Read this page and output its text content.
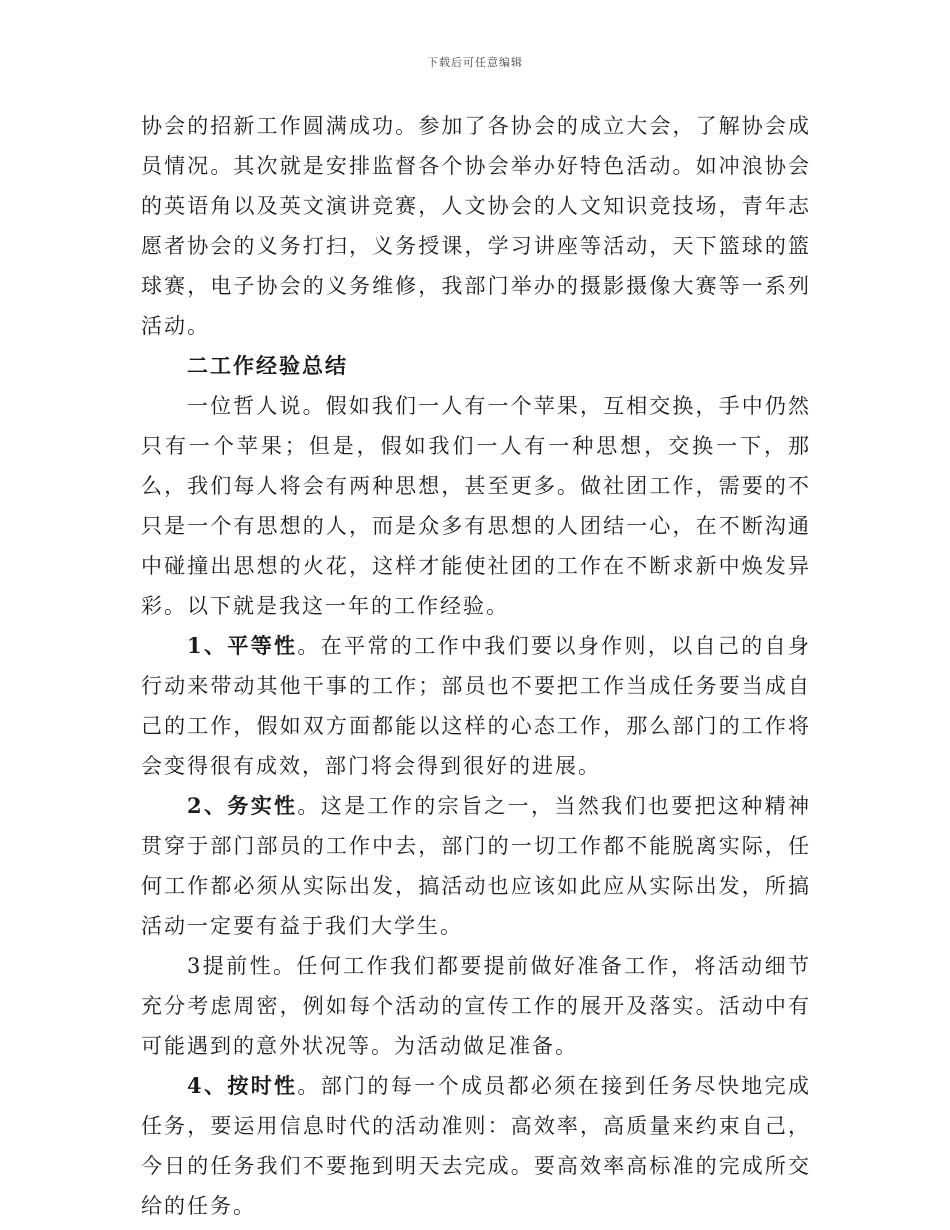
下载后可任意编辑

协会的招新工作圆满成功。参加了各协会的成立大会，了解协会成员情况。其次就是安排监督各个协会举办好特色活动。如冲浪协会的英语角以及英文演讲竞赛，人文协会的人文知识竞技场，青年志愿者协会的义务打扫，义务授课，学习讲座等活动，天下篮球的篮球赛，电子协会的义务维修，我部门举办的摄影摄像大赛等一系列活动。

二工作经验总结

一位哲人说。假如我们一人有一个苹果，互相交换，手中仍然只有一个苹果；但是，假如我们一人有一种思想，交换一下，那么，我们每人将会有两种思想，甚至更多。做社团工作，需要的不只是一个有思想的人，而是众多有思想的人团结一心，在不断沟通中碰撞出思想的火花，这样才能使社团的工作在不断求新中焕发异彩。以下就是我这一年的工作经验。

1、平等性。在平常的工作中我们要以身作则，以自己的自身行动来带动其他干事的工作；部员也不要把工作当成任务要当成自己的工作，假如双方面都能以这样的心态工作，那么部门的工作将会变得很有成效，部门将会得到很好的进展。

2、务实性。这是工作的宗旨之一，当然我们也要把这种精神贯穿于部门部员的工作中去，部门的一切工作都不能脱离实际，任何工作都必须从实际出发，搞活动也应该如此应从实际出发，所搞活动一定要有益于我们大学生。

3提前性。任何工作我们都要提前做好准备工作，将活动细节充分考虑周密，例如每个活动的宣传工作的展开及落实。活动中有可能遇到的意外状况等。为活动做足准备。

4、按时性。部门的每一个成员都必须在接到任务尽快地完成任务，要运用信息时代的活动准则：高效率，高质量来约束自己，今日的任务我们不要拖到明天去完成。要高效率高标准的完成所交给的任务。
